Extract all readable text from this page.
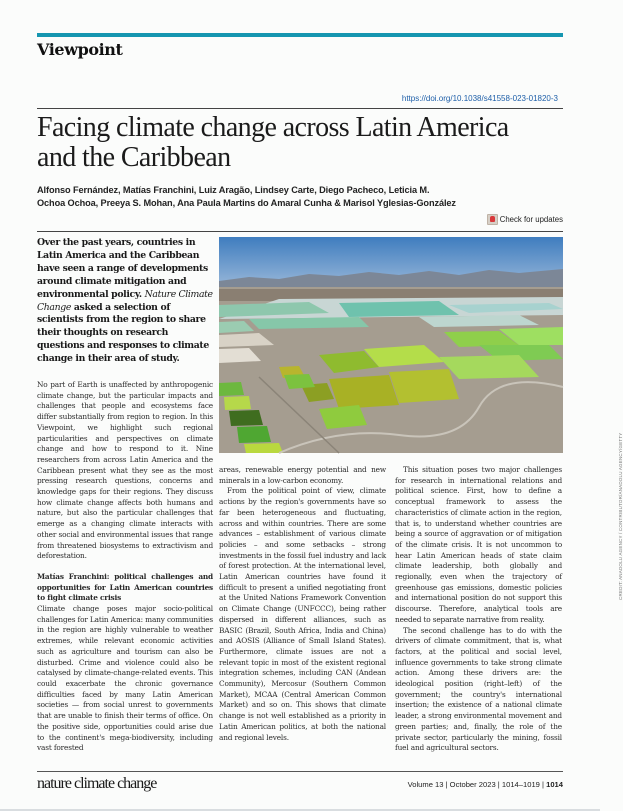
Viewpoint
https://doi.org/10.1038/s41558-023-01820-3
Facing climate change across Latin America and the Caribbean
Alfonso Fernández, Matías Franchini, Luiz Aragão, Lindsey Carte, Diego Pacheco, Leticia M. Ochoa Ochoa, Preeya S. Mohan, Ana Paula Martins do Amaral Cunha & Marisol Yglesias-González
Check for updates
Over the past years, countries in Latin America and the Caribbean have seen a range of developments around climate mitigation and environmental policy. Nature Climate Change asked a selection of scientists from the region to share their thoughts on research questions and responses to climate change in their area of study.
CREDIT: ANADOLU AGENCY / CONTRIBUTOR/ANADOLU AGENCY/GETTY

No part of Earth is unaffected by anthropogenic climate change, but the particular impacts and challenges that people and ecosystems face differ substantially from region to region. In this Viewpoint, we highlight such regional particularities and perspectives on climate change and how to respond to it. Nine researchers from across Latin America and the Caribbean present what they see as the most pressing research questions, concerns and knowledge gaps for their regions. They discuss how climate change affects both humans and nature, but also the particular challenges that emerge as a changing climate interacts with other social and environmental issues that range from threatened biosystems to extractivism and deforestation.

Matías Franchini: political challenges and opportunities for Latin American countries to fight climate crisis

Climate change poses major socio-political challenges for Latin America: many communities in the region are highly vulnerable to weather extremes, while relevant economic activities such as agriculture and tourism can also be disturbed. Crime and violence could also be catalysed by climate-change-related events. This could exacerbate the chronic governance difficulties faced by many Latin American societies — from social unrest to governments that are unable to finish their terms of office. On the positive side, opportunities could arise due to the continent's mega-biodiversity, including vast forested

areas, renewable energy potential and new minerals in a low-carbon economy.

From the political point of view, climate actions by the region's governments have so far been heterogeneous and fluctuating, across and within countries. There are some advances – establishment of various climate policies – and some setbacks – strong investments in the fossil fuel industry and lack of forest protection. At the international level, Latin American countries have found it difficult to present a unified negotiating front at the United Nations Framework Convention on Climate Change (UNFCCC), being rather dispersed in different alliances, such as BASIC (Brazil, South Africa, India and China) and AOSIS (Alliance of Small Island States). Furthermore, climate issues are not a relevant topic in most of the existent regional integration schemes, including CAN (Andean Community), Mercosur (Southern Common Market), MCAA (Central American Common Market) and so on. This shows that climate change is not well established as a priority in Latin American politics, at both the national and regional levels.

This situation poses two major challenges for research in international relations and political science. First, how to define a conceptual framework to assess the characteristics of climate action in the region, that is, to understand whether countries are being a source of aggravation or of mitigation of the climate crisis. It is not uncommon to hear Latin American heads of state claim climate leadership, both globally and regionally, even when the trajectory of greenhouse gas emissions, domestic policies and international position do not support this discourse. Therefore, analytical tools are needed to separate narrative from reality.

The second challenge has to do with the drivers of climate commitment, that is, what factors, at the political and social level, influence governments to take strong climate action. Among these drivers are: the ideological position (right–left) of the government; the country's international insertion; the existence of a national climate leader, a strong environmental movement and green parties; and, finally, the role of the private sector, particularly the mining, fossil fuel and agricultural sectors.

nature climate change	Volume 13 | October 2023 | 1014–1019 | 1014
